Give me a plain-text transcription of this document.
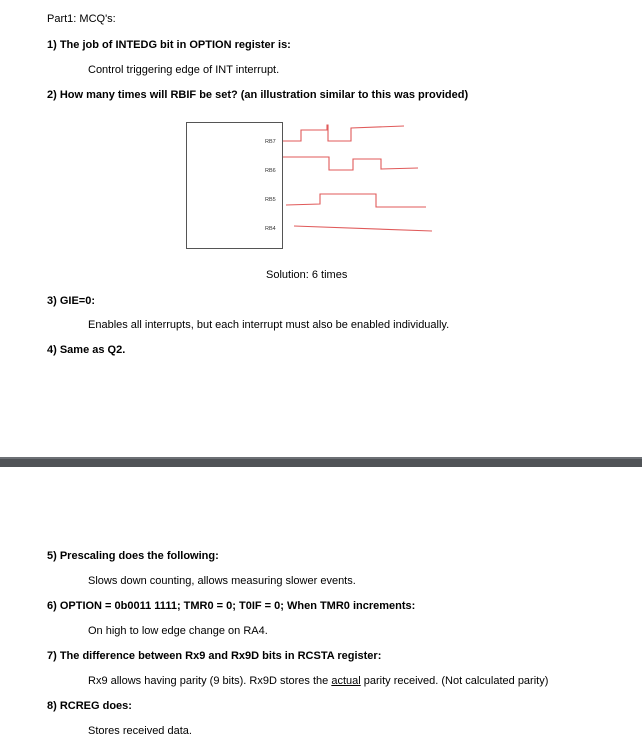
Part1: MCQ's:
1) The job of INTEDG bit in OPTION register is:
Control triggering edge of INT interrupt.
2) How many times will RBIF be set? (an illustration similar to this was provided)
RB7
RB6
RB5
RB4
Solution: 6 times
3) GIE=0:
Enables all interrupts, but each interrupt must also be enabled individually.
4) Same as Q2.
5) Prescaling does the following:
Slows down counting, allows measuring slower events.
6) OPTION = 0b0011 1111; TMR0 = 0; T0IF = 0; When TMR0 increments:
On high to low edge change on RA4.
7) The difference between Rx9 and Rx9D bits in RCSTA register:
Rx9 allows having parity (9 bits). Rx9D stores the actual parity received. (Not calculated parity)
8) RCREG does:
Stores received data.
